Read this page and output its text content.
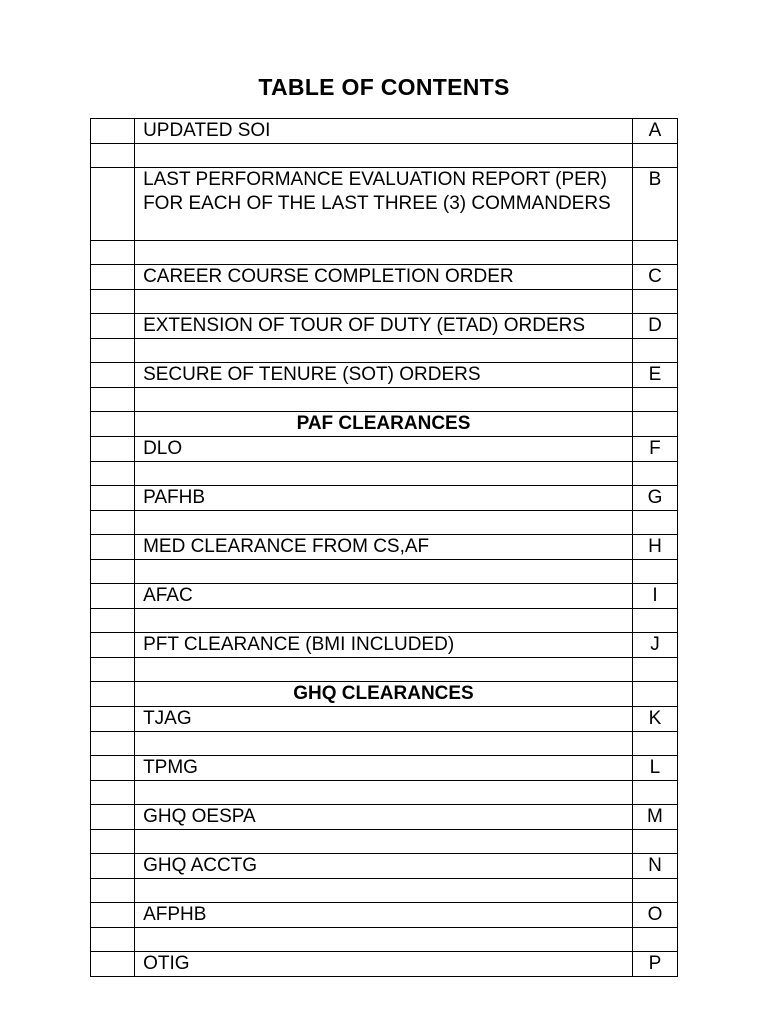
TABLE OF CONTENTS
	UPDATED SOI	A

	LAST PERFORMANCE EVALUATION REPORT (PER) FOR EACH OF THE LAST THREE (3) COMMANDERS	B

	CAREER COURSE COMPLETION ORDER	C

	EXTENSION OF TOUR OF DUTY (ETAD) ORDERS	D

	SECURE OF TENURE (SOT) ORDERS	E

	PAF CLEARANCES	
	DLO	F

	PAFHB	G

	MED CLEARANCE FROM CS,AF	H

	AFAC	I

	PFT CLEARANCE (BMI INCLUDED)	J

	GHQ CLEARANCES	
	TJAG	K

	TPMG	L

	GHQ OESPA	M

	GHQ ACCTG	N

	AFPHB	O

	OTIG	P
